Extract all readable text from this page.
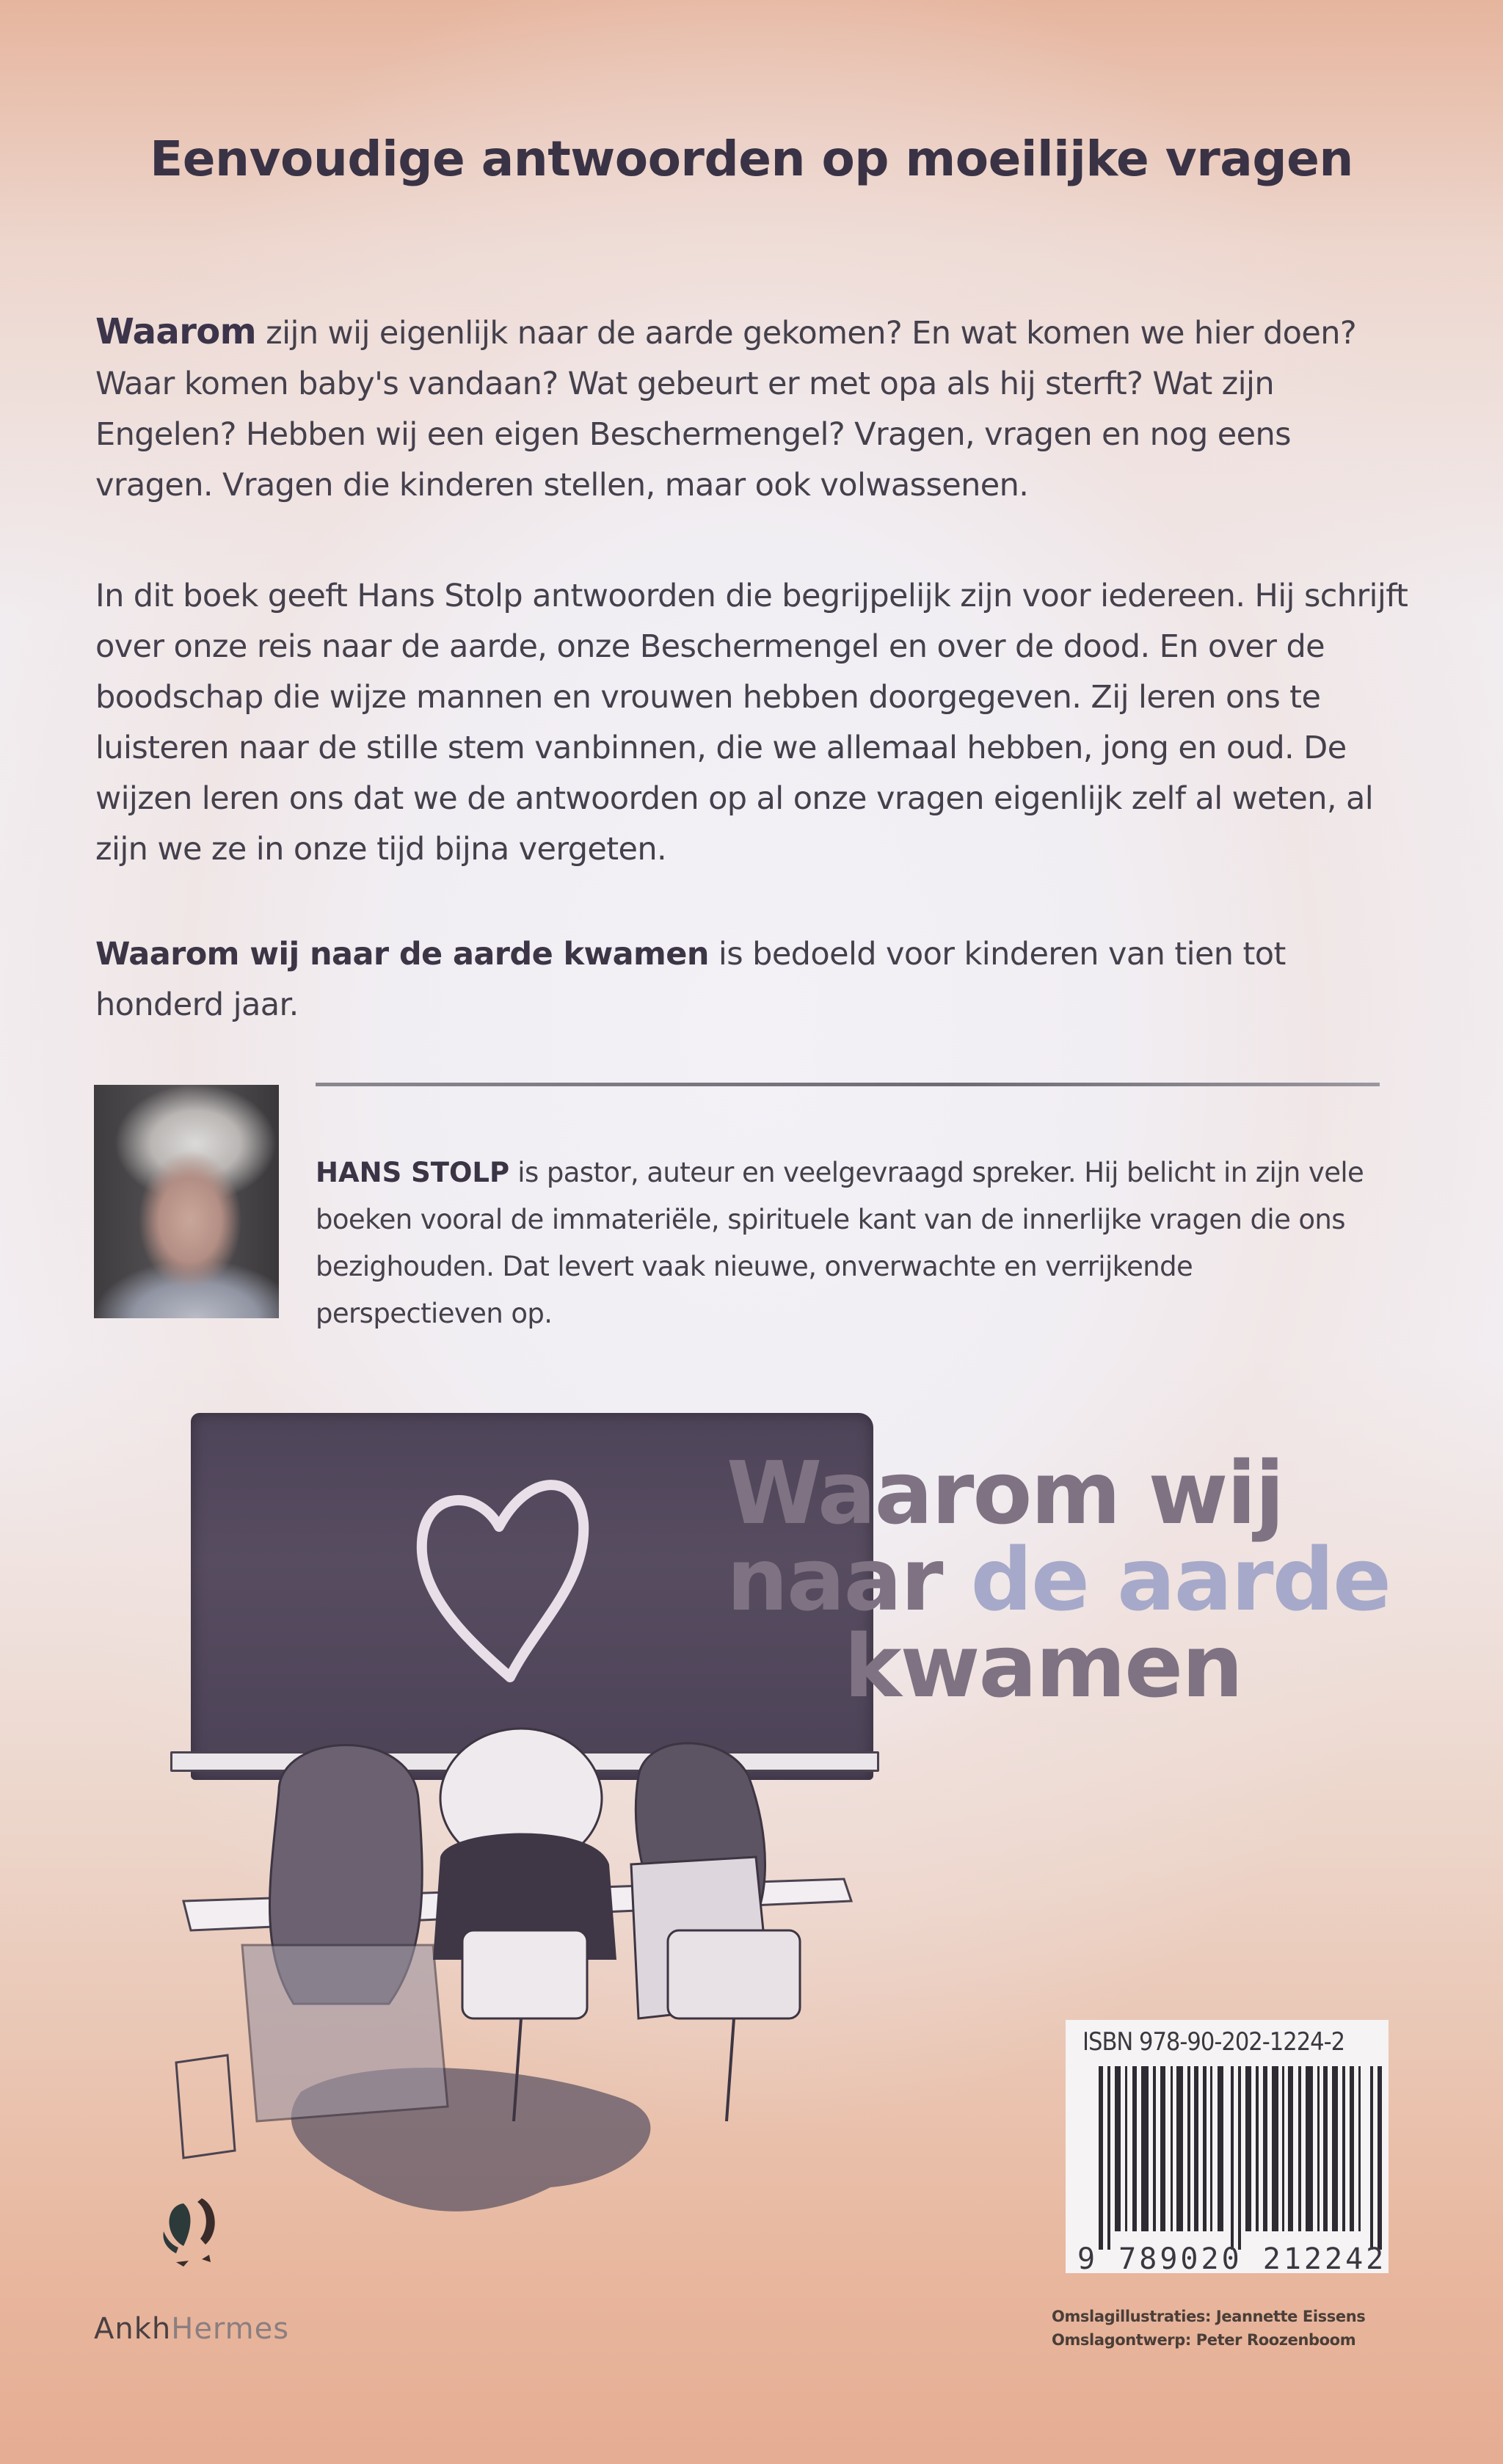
Eenvoudige antwoorden op moeilijke vragen
Waarom zijn wij eigenlijk naar de aarde gekomen? En wat komen we hier doen? Waar komen baby's vandaan? Wat gebeurt er met opa als hij sterft? Wat zijn Engelen? Hebben wij een eigen Beschermengel? Vragen, vragen en nog eens vragen. Vragen die kinderen stellen, maar ook volwassenen.
In dit boek geeft Hans Stolp antwoorden die begrijpelijk zijn voor iedereen. Hij schrijft over onze reis naar de aarde, onze Beschermengel en over de dood. En over de boodschap die wijze mannen en vrouwen hebben doorgegeven. Zij leren ons te luisteren naar de stille stem vanbinnen, die we allemaal hebben, jong en oud. De wijzen leren ons dat we de antwoorden op al onze vragen eigenlijk zelf al weten, al zijn we ze in onze tijd bijna vergeten.
Waarom wij naar de aarde kwamen is bedoeld voor kinderen van tien tot honderd jaar.
HANS STOLP is pastor, auteur en veelgevraagd spreker. Hij belicht in zijn vele boeken vooral de immateriële, spirituele kant van de innerlijke vragen die ons bezighouden. Dat levert vaak nieuwe, onverwachte en verrijkende perspectieven op.
Waarom wij
naar de aarde
kwamen
ISBN 978-90-202-1224-2
9 789020 212242
Omslagillustraties: Jeannette Eissens
Omslagontwerp: Peter Roozenboom
AnkhHermes
